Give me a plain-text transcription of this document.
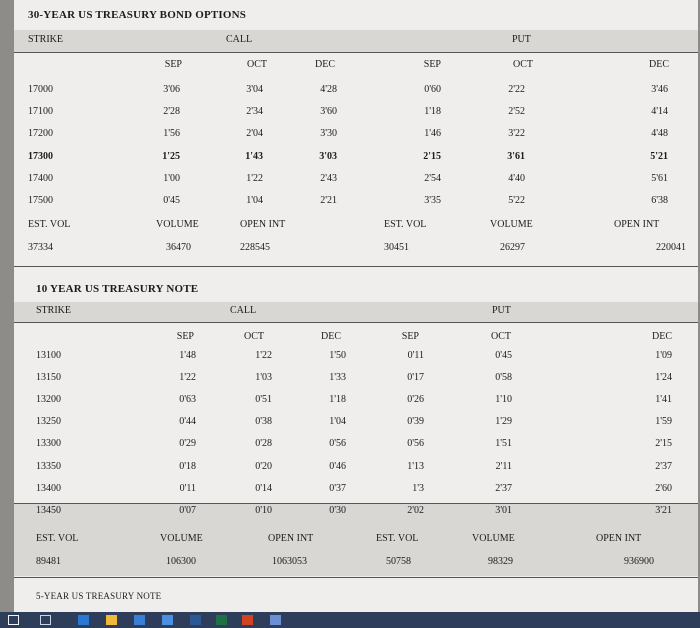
30-YEAR US TREASURY BOND OPTIONS
STRIKE	CALL	PUT
SEP	OCT	DEC	SEP	OCT	DEC
17000	3'06	3'04	4'28	0'60	2'22	3'46
17100	2'28	2'34	3'60	1'18	2'52	4'14
17200	1'56	2'04	3'30	1'46	3'22	4'48
17300	1'25	1'43	3'03	2'15	3'61	5'21
17400	1'00	1'22	2'43	2'54	4'40	5'61
17500	0'45	1'04	2'21	3'35	5'22	6'38
EST. VOL	VOLUME	OPEN INT	EST. VOL	VOLUME	OPEN INT
37334	36470	228545	30451	26297	220041
10 YEAR US TREASURY NOTE
STRIKE	CALL	PUT
SEP	OCT	DEC	SEP	OCT	DEC
13100	1'48	1'22	1'50	0'11	0'45	1'09
13150	1'22	1'03	1'33	0'17	0'58	1'24
13200	0'63	0'51	1'18	0'26	1'10	1'41
13250	0'44	0'38	1'04	0'39	1'29	1'59
13300	0'29	0'28	0'56	0'56	1'51	2'15
13350	0'18	0'20	0'46	1'13	2'11	2'37
13400	0'11	0'14	0'37	1'3	2'37	2'60
13450	0'07	0'10	0'30	2'02	3'01	3'21
EST. VOL	VOLUME	OPEN INT	EST. VOL	VOLUME	OPEN INT
89481	106300	1063053	50758	98329	936900
5-YEAR US TREASURY NOTE
